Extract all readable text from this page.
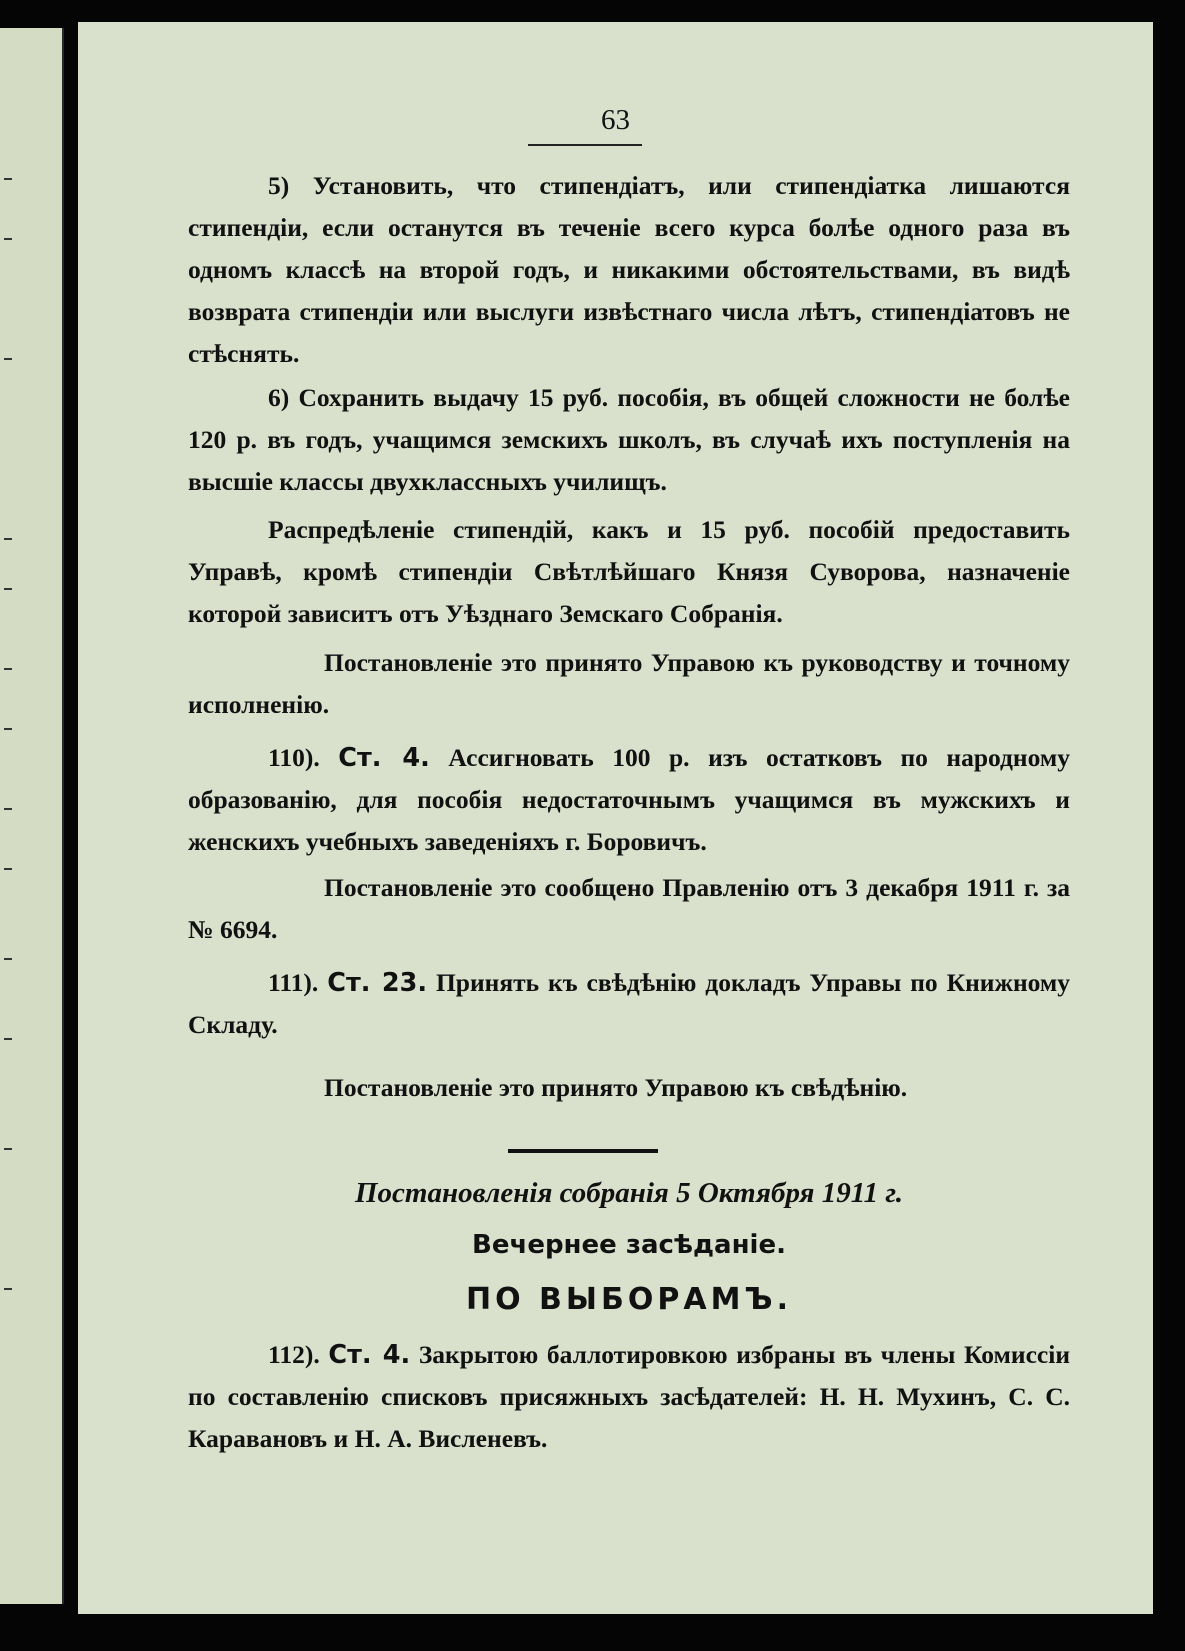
63

5) Установить, что стипендіатъ, или стипендіатка лишаются стипендіи, если останутся въ теченіе всего курса болѣе одного раза въ одномъ классѣ на второй годъ, и никакими обстоятельствами, въ видѣ возврата стипендіи или выслуги извѣстнаго числа лѣтъ, стипендіатовъ не стѣснять.

6) Сохранить выдачу 15 руб. пособія, въ общей сложности не болѣе 120 р. въ годъ, учащимся земскихъ школъ, въ случаѣ ихъ поступленія на высшіе классы двухклассныхъ училищъ.

Распредѣленіе стипендій, какъ и 15 руб. пособій предоставить Управѣ, кромѣ стипендіи Свѣтлѣйшаго Князя Суворова, назначеніе которой зависитъ отъ Уѣзднаго Земскаго Собранія.

Постановленіе это принято Управою къ руководству и точному исполненію.

110). Ст. 4. Ассигновать 100 р. изъ остатковъ по народному образованію, для пособія недостаточнымъ учащимся въ мужскихъ и женскихъ учебныхъ заведеніяхъ г. Боровичъ.

Постановленіе это сообщено Правленію отъ 3 декабря 1911 г. за № 6694.

111). Ст. 23. Принять къ свѣдѣнію докладъ Управы по Книжному Складу.

Постановленіе это принято Управою къ свѣдѣнію.

Постановленія собранія 5 Октября 1911 г.
Вечернее засѣданіе.
ПО ВЫБОРАМЪ.

112). Ст. 4. Закрытою баллотировкою избраны въ члены Комиссіи по составленію списковъ присяжныхъ засѣдателей: Н. Н. Мухинъ, С. С. Каравановъ и Н. А. Висленевъ.
